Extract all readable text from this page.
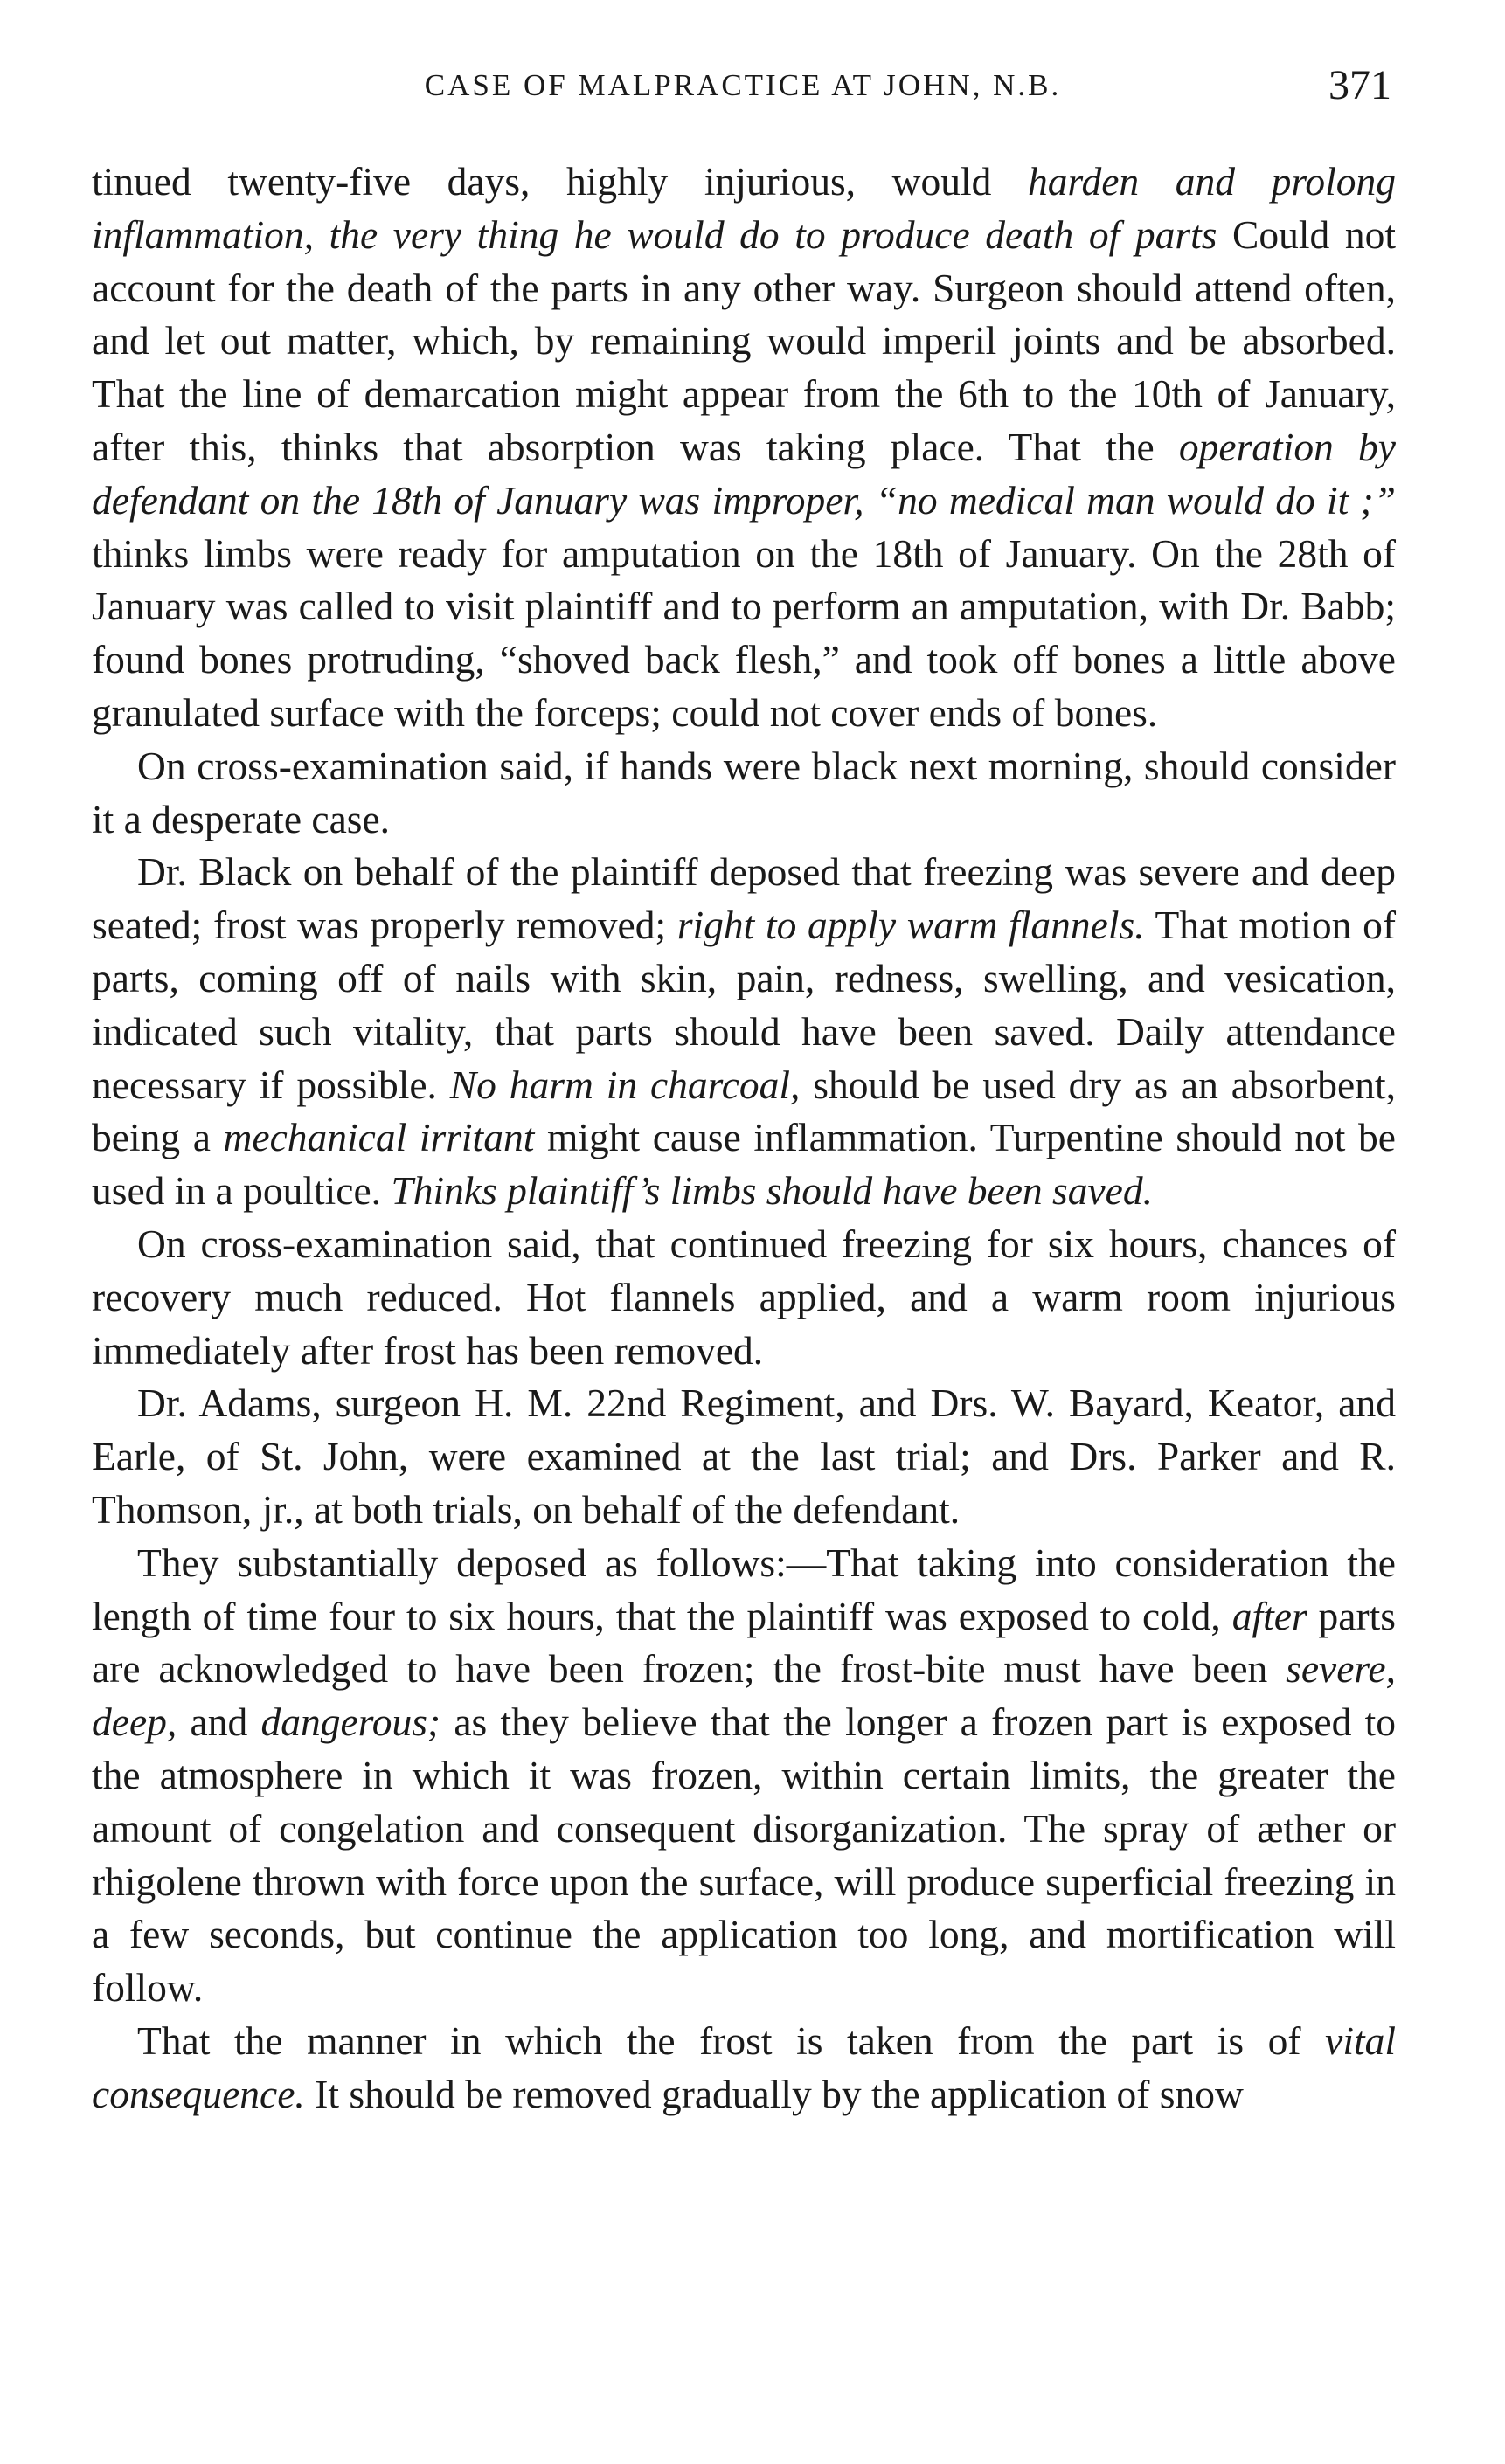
CASE OF MALPRACTICE AT JOHN, N.B.	371

tinued twenty-five days, highly injurious, would harden and prolong inflammation, the very thing he would do to produce death of parts Could not account for the death of the parts in any other way. Surgeon should attend often, and let out matter, which, by remaining would imperil joints and be absorbed. That the line of demarcation might appear from the 6th to the 10th of January, after this, thinks that absorption was taking place. That the operation by defendant on the 18th of January was improper, “no medical man would do it ;” thinks limbs were ready for amputation on the 18th of January. On the 28th of January was called to visit plaintiff and to perform an amputation, with Dr. Babb; found bones protruding, “shoved back flesh,” and took off bones a little above granulated surface with the forceps; could not cover ends of bones.

On cross-examination said, if hands were black next morning, should consider it a desperate case.

Dr. Black on behalf of the plaintiff deposed that freezing was severe and deep seated; frost was properly removed; right to apply warm flannels. That motion of parts, coming off of nails with skin, pain, redness, swelling, and vesication, indicated such vitality, that parts should have been saved. Daily attendance necessary if possible. No harm in charcoal, should be used dry as an absorbent, being a mechanical irritant might cause inflammation. Turpentine should not be used in a poultice. Thinks plaintiff’s limbs should have been saved.

On cross-examination said, that continued freezing for six hours, chances of recovery much reduced. Hot flannels applied, and a warm room injurious immediately after frost has been removed.

Dr. Adams, surgeon H. M. 22nd Regiment, and Drs. W. Bayard, Keator, and Earle, of St. John, were examined at the last trial; and Drs. Parker and R. Thomson, jr., at both trials, on behalf of the defendant.

They substantially deposed as follows:—That taking into consideration the length of time four to six hours, that the plaintiff was exposed to cold, after parts are acknowledged to have been frozen; the frost-bite must have been severe, deep, and dangerous; as they believe that the longer a frozen part is exposed to the atmosphere in which it was frozen, within certain limits, the greater the amount of congelation and consequent disorganization. The spray of æther or rhigolene thrown with force upon the surface, will produce superficial freezing in a few seconds, but continue the application too long, and mortification will follow.

That the manner in which the frost is taken from the part is of vital consequence. It should be removed gradually by the application of snow
